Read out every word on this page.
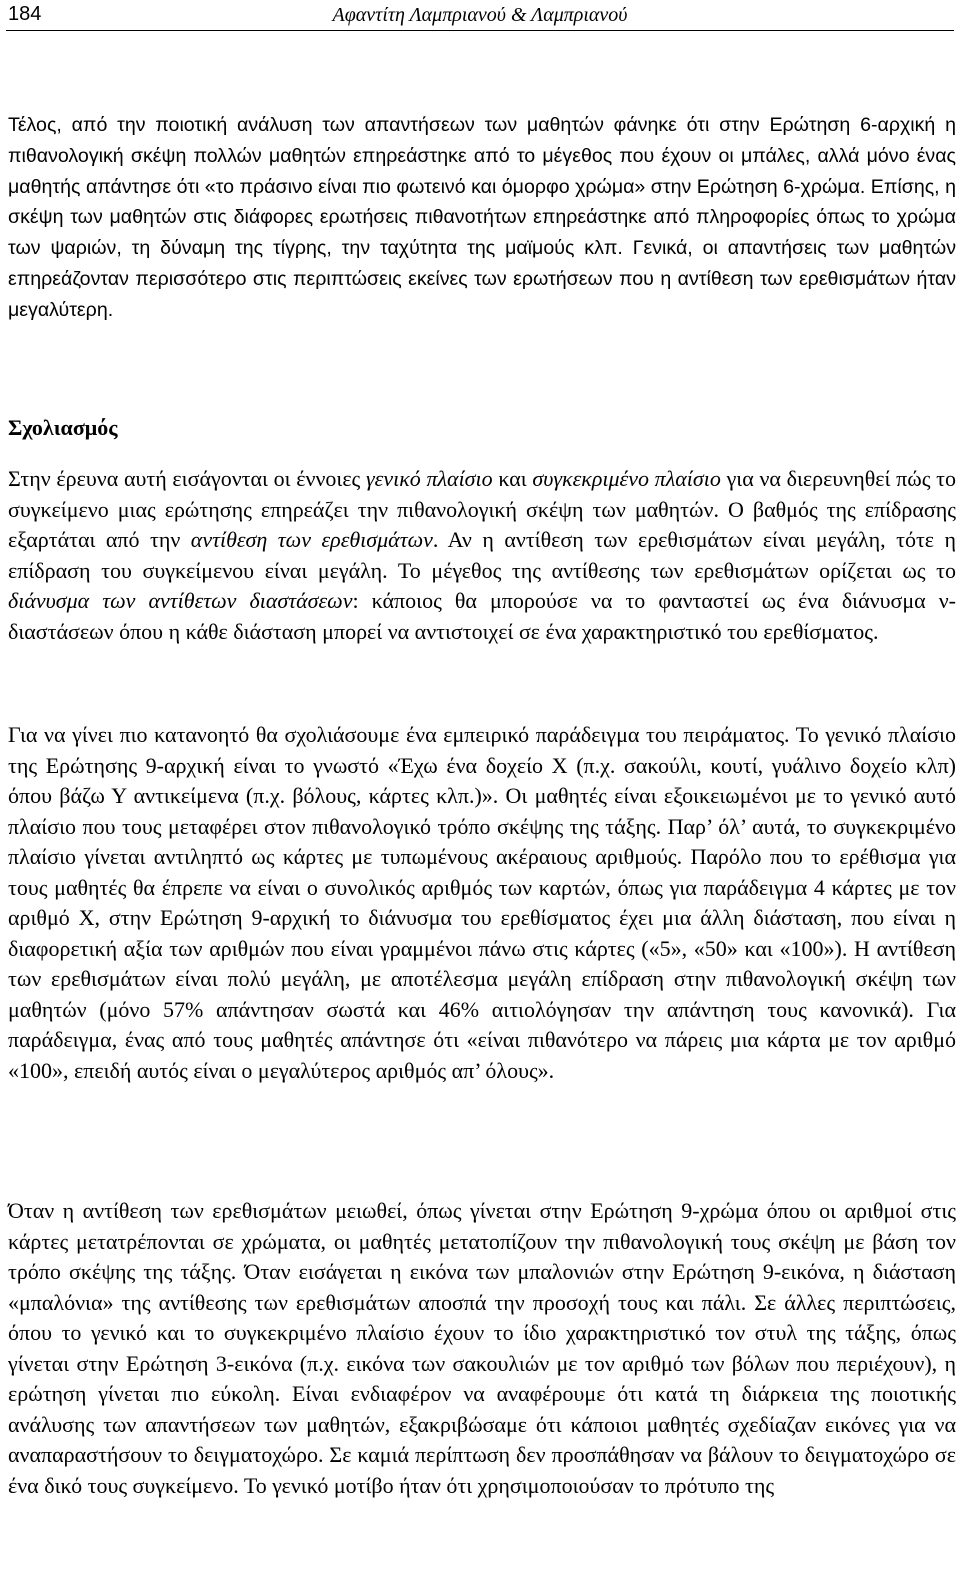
184	Αφαντίτη Λαμπριανού & Λαμπριανού

Τέλος, από την ποιοτική ανάλυση των απαντήσεων των μαθητών φάνηκε ότι στην Ερώτηση 6-αρχική η πιθανολογική σκέψη πολλών μαθητών επηρεάστηκε από το μέγεθος που έχουν οι μπάλες, αλλά μόνο ένας μαθητής απάντησε ότι «το πράσινο είναι πιο φωτεινό και όμορφο χρώμα» στην Ερώτηση 6-χρώμα. Επίσης, η σκέψη των μαθητών στις διάφορες ερωτήσεις πιθανοτήτων επηρεάστηκε από πληροφορίες όπως το χρώμα των ψαριών, τη δύναμη της τίγρης, την ταχύτητα της μαϊμούς κλπ. Γενικά, οι απαντήσεις των μαθητών επηρεάζονταν περισσότερο στις περιπτώσεις εκείνες των ερωτήσεων που η αντίθεση των ερεθισμάτων ήταν μεγαλύτερη.

Σχολιασμός

Στην έρευνα αυτή εισάγονται οι έννοιες γενικό πλαίσιο και συγκεκριμένο πλαίσιο για να διερευνηθεί πώς το συγκείμενο μιας ερώτησης επηρεάζει την πιθανολογική σκέψη των μαθητών. Ο βαθμός της επίδρασης εξαρτάται από την αντίθεση των ερεθισμάτων. Αν η αντίθεση των ερεθισμάτων είναι μεγάλη, τότε η επίδραση του συγκείμενου είναι μεγάλη. Το μέγεθος της αντίθεσης των ερεθισμάτων ορίζεται ως το διάνυσμα των αντίθετων διαστάσεων: κάποιος θα μπορούσε να το φανταστεί ως ένα διάνυσμα ν-διαστάσεων όπου η κάθε διάσταση μπορεί να αντιστοιχεί σε ένα χαρακτηριστικό του ερεθίσματος.

Για να γίνει πιο κατανοητό θα σχολιάσουμε ένα εμπειρικό παράδειγμα του πειράματος. Το γενικό πλαίσιο της Ερώτησης 9-αρχική είναι το γνωστό «Έχω ένα δοχείο Χ (π.χ. σακούλι, κουτί, γυάλινο δοχείο κλπ) όπου βάζω Υ αντικείμενα (π.χ. βόλους, κάρτες κλπ.)». Οι μαθητές είναι εξοικειωμένοι με το γενικό αυτό πλαίσιο που τους μεταφέρει στον πιθανολογικό τρόπο σκέψης της τάξης. Παρ’ όλ’ αυτά, το συγκεκριμένο πλαίσιο γίνεται αντιληπτό ως κάρτες με τυπωμένους ακέραιους αριθμούς. Παρόλο που το ερέθισμα για τους μαθητές θα έπρεπε να είναι ο συνολικός αριθμός των καρτών, όπως για παράδειγμα 4 κάρτες με τον αριθμό Χ, στην Ερώτηση 9-αρχική το διάνυσμα του ερεθίσματος έχει μια άλλη διάσταση, που είναι η διαφορετική αξία των αριθμών που είναι γραμμένοι πάνω στις κάρτες («5», «50» και «100»). Η αντίθεση των ερεθισμάτων είναι πολύ μεγάλη, με αποτέλεσμα μεγάλη επίδραση στην πιθανολογική σκέψη των μαθητών (μόνο 57% απάντησαν σωστά και 46% αιτιολόγησαν την απάντηση τους κανονικά). Για παράδειγμα, ένας από τους μαθητές απάντησε ότι «είναι πιθανότερο να πάρεις μια κάρτα με τον αριθμό «100», επειδή αυτός είναι ο μεγαλύτερος αριθμός απ’ όλους».

Όταν η αντίθεση των ερεθισμάτων μειωθεί, όπως γίνεται στην Ερώτηση 9-χρώμα όπου οι αριθμοί στις κάρτες μετατρέπονται σε χρώματα, οι μαθητές μετατοπίζουν την πιθανολογική τους σκέψη με βάση τον τρόπο σκέψης της τάξης. Όταν εισάγεται η εικόνα των μπαλονιών στην Ερώτηση 9-εικόνα, η διάσταση «μπαλόνια» της αντίθεσης των ερεθισμάτων αποσπά την προσοχή τους και πάλι. Σε άλλες περιπτώσεις, όπου το γενικό και το συγκεκριμένο πλαίσιο έχουν το ίδιο χαρακτηριστικό τον στυλ της τάξης, όπως γίνεται στην Ερώτηση 3-εικόνα (π.χ. εικόνα των σακουλιών με τον αριθμό των βόλων που περιέχουν), η ερώτηση γίνεται πιο εύκολη. Είναι ενδιαφέρον να αναφέρουμε ότι κατά τη διάρκεια της ποιοτικής ανάλυσης των απαντήσεων των μαθητών, εξακριβώσαμε ότι κάποιοι μαθητές σχεδίαζαν εικόνες για να αναπαραστήσουν το δειγματοχώρο. Σε καμιά περίπτωση δεν προσπάθησαν να βάλουν το δειγματοχώρο σε ένα δικό τους συγκείμενο. Το γενικό μοτίβο ήταν ότι χρησιμοποιούσαν το πρότυπο της
